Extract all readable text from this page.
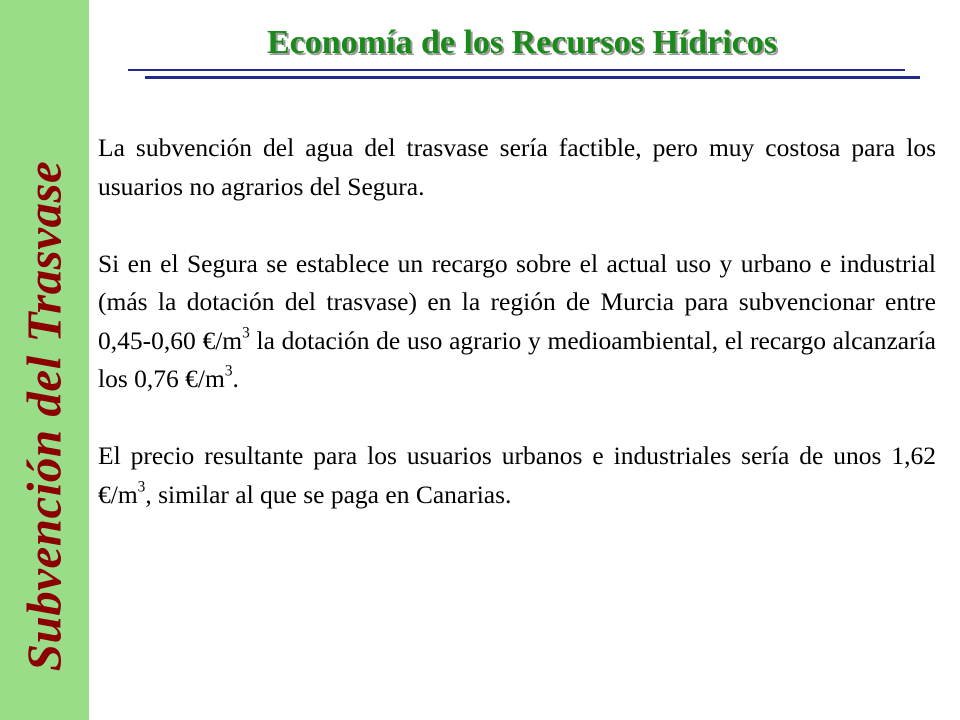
Subvención del Trasvase
Economía de los Recursos Hídricos

La subvención del agua del trasvase sería factible, pero muy costosa para los usuarios no agrarios del Segura.

Si en el Segura se establece un recargo sobre el actual uso y urbano e industrial (más la dotación del trasvase) en la región de Murcia para subvencionar entre 0,45-0,60 $€/m^3$ la dotación de uso agrario y medioambiental, el recargo alcanzaría los 0,76 $€/m^3$.

El precio resultante para los usuarios urbanos e industriales sería de unos 1,62 $€/m^3$, similar al que se paga en Canarias.
